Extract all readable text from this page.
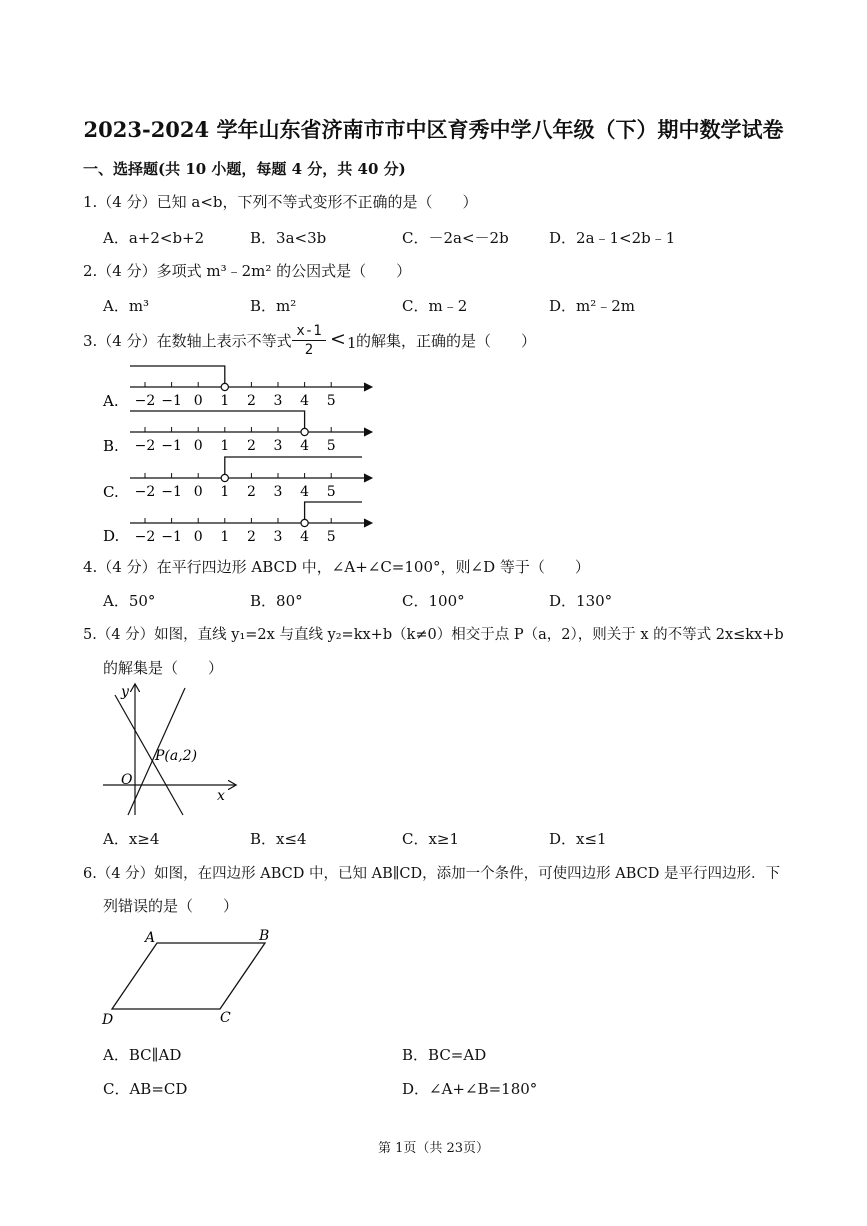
2023-2024 学年山东省济南市市中区育秀中学八年级（下）期中数学试卷
一、选择题(共 10 小题，每题 4 分，共 40 分)
1.（4 分）已知 a<b，下列不等式变形不正确的是（　　）
A．a+2<b+2	B．3a<3b	C．－2a<－2b	D．2a﹣1<2b﹣1
2.（4 分）多项式 m³﹣2m² 的公因式是（　　）
A．m³	B．m²	C．m﹣2	D．m²﹣2m
3.（4 分）在数轴上表示不等式 $\frac{x-1}{2} < 1$ 的解集，正确的是（　　）
−2 −1 0 1 2 3 4 5
−2 −1 0 1 2 3 4 5
−2 −1 0 1 2 3 4 5
−2 −1 0 1 2 3 4 5
A.
B.
C.
D.
4.（4 分）在平行四边形 ABCD 中，∠A+∠C=100°，则∠D 等于（　　）
A．50°	B．80°	C．100°	D．130°
5.（4 分）如图，直线 y₁=2x 与直线 y₂=kx+b（k≠0）相交于点 P（a，2），则关于 x 的不等式 2x≤kx+b
的解集是（　　）
y
x
O
P(a,2)
A．x≥4	B．x≤4	C．x≥1	D．x≤1
6.（4 分）如图，在四边形 ABCD 中，已知 AB∥CD，添加一个条件，可使四边形 ABCD 是平行四边形．下
列错误的是（　　）
A	B
C
D
A．BC∥AD	B．BC=AD
C．AB=CD	D．∠A+∠B=180°
第 1页（共 23页）
